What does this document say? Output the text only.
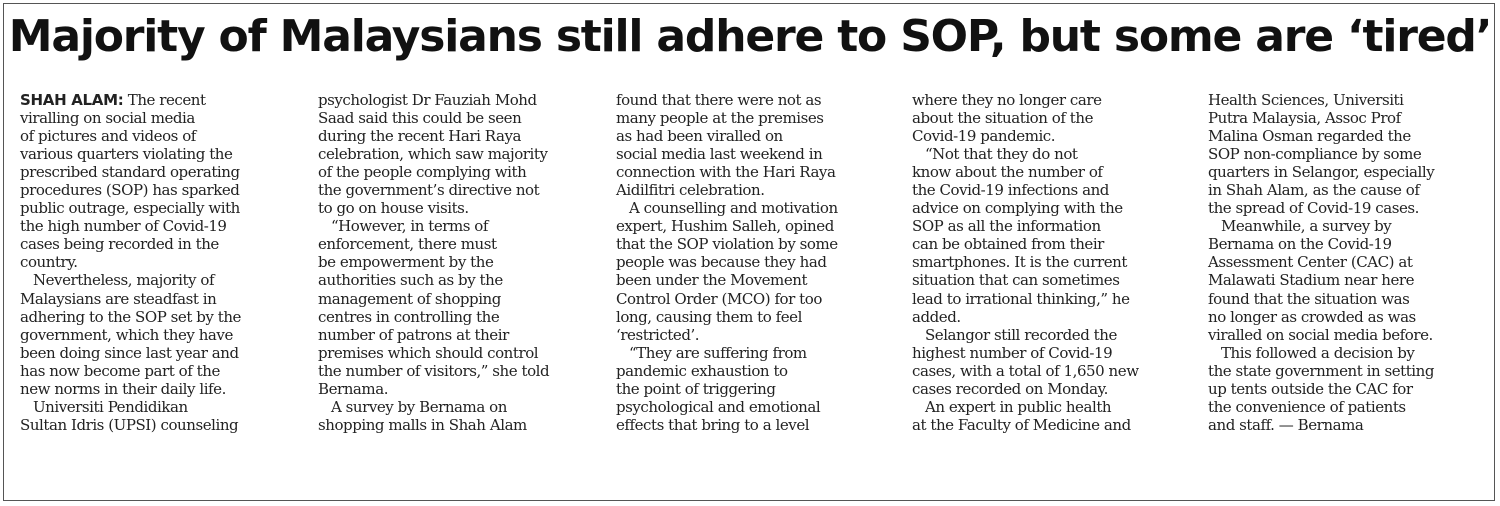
Majority of Malaysians still adhere to SOP, but some are ‘tired’
SHAH ALAM: The recent
viralling on social media
of pictures and videos of
various quarters violating the
prescribed standard operating
procedures (SOP) has sparked
public outrage, especially with
the high number of Covid-19
cases being recorded in the
country.
Nevertheless, majority of
Malaysians are steadfast in
adhering to the SOP set by the
government, which they have
been doing since last year and
has now become part of the
new norms in their daily life.
Universiti Pendidikan
Sultan Idris (UPSI) counseling
psychologist Dr Fauziah Mohd
Saad said this could be seen
during the recent Hari Raya
celebration, which saw majority
of the people complying with
the government’s directive not
to go on house visits.
“However, in terms of
enforcement, there must
be empowerment by the
authorities such as by the
management of shopping
centres in controlling the
number of patrons at their
premises which should control
the number of visitors,” she told
Bernama.
A survey by Bernama on
shopping malls in Shah Alam
found that there were not as
many people at the premises
as had been viralled on
social media last weekend in
connection with the Hari Raya
Aidilfitri celebration.
A counselling and motivation
expert, Hushim Salleh, opined
that the SOP violation by some
people was because they had
been under the Movement
Control Order (MCO) for too
long, causing them to feel
‘restricted’.
“They are suffering from
pandemic exhaustion to
the point of triggering
psychological and emotional
effects that bring to a level
where they no longer care
about the situation of the
Covid-19 pandemic.
“Not that they do not
know about the number of
the Covid-19 infections and
advice on complying with the
SOP as all the information
can be obtained from their
smartphones. It is the current
situation that can sometimes
lead to irrational thinking,” he
added.
Selangor still recorded the
highest number of Covid-19
cases, with a total of 1,650 new
cases recorded on Monday.
An expert in public health
at the Faculty of Medicine and
Health Sciences, Universiti
Putra Malaysia, Assoc Prof
Malina Osman regarded the
SOP non-compliance by some
quarters in Selangor, especially
in Shah Alam, as the cause of
the spread of Covid-19 cases.
Meanwhile, a survey by
Bernama on the Covid-19
Assessment Center (CAC) at
Malawati Stadium near here
found that the situation was
no longer as crowded as was
viralled on social media before.
This followed a decision by
the state government in setting
up tents outside the CAC for
the convenience of patients
and staff. — Bernama
